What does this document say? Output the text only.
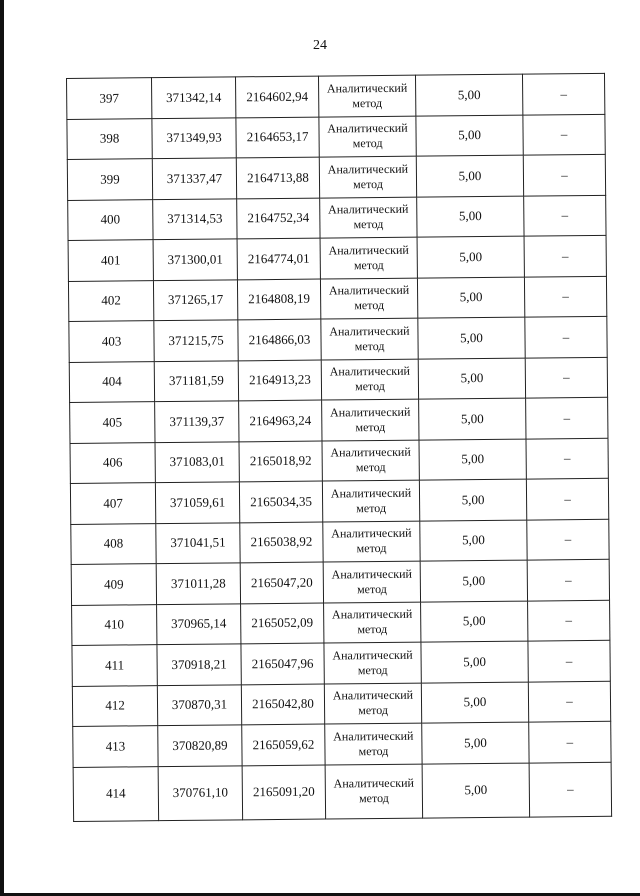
24
397	371342,14	2164602,94	Аналитический метод	5,00	–
398	371349,93	2164653,17	Аналитический метод	5,00	–
399	371337,47	2164713,88	Аналитический метод	5,00	–
400	371314,53	2164752,34	Аналитический метод	5,00	–
401	371300,01	2164774,01	Аналитический метод	5,00	–
402	371265,17	2164808,19	Аналитический метод	5,00	–
403	371215,75	2164866,03	Аналитический метод	5,00	–
404	371181,59	2164913,23	Аналитический метод	5,00	–
405	371139,37	2164963,24	Аналитический метод	5,00	–
406	371083,01	2165018,92	Аналитический метод	5,00	–
407	371059,61	2165034,35	Аналитический метод	5,00	–
408	371041,51	2165038,92	Аналитический метод	5,00	–
409	371011,28	2165047,20	Аналитический метод	5,00	–
410	370965,14	2165052,09	Аналитический метод	5,00	–
411	370918,21	2165047,96	Аналитический метод	5,00	–
412	370870,31	2165042,80	Аналитический метод	5,00	–
413	370820,89	2165059,62	Аналитический метод	5,00	–
414	370761,10	2165091,20	Аналитический метод	5,00	–
